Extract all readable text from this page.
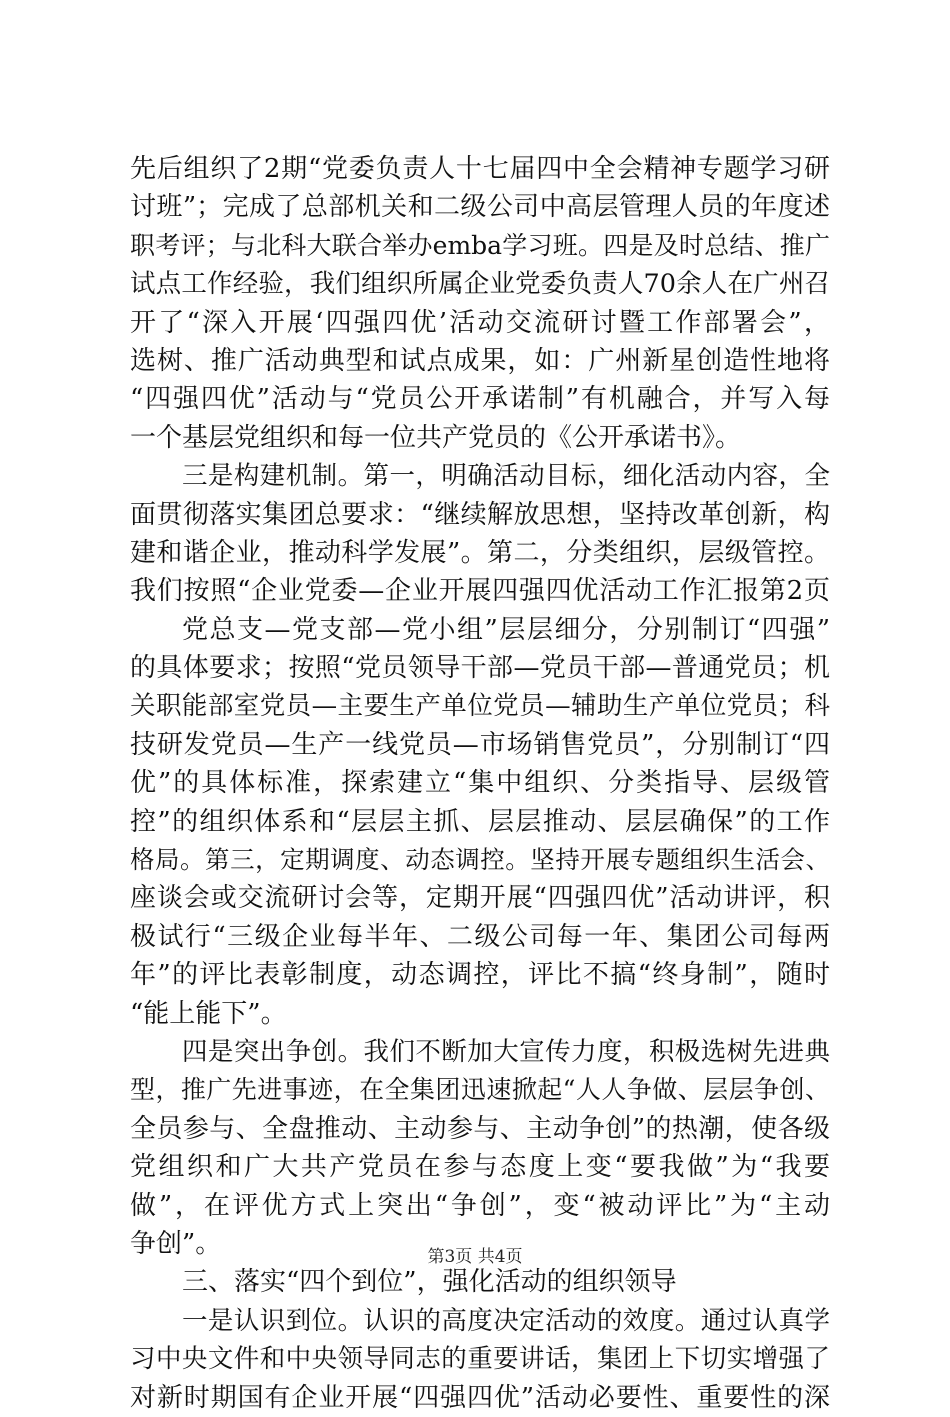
先后组织了2期“党委负责人十七届四中全会精神专题学习研
讨班”；完成了总部机关和二级公司中高层管理人员的年度述
职考评；与北科大联合举办emba学习班。四是及时总结、推广
试点工作经验，我们组织所属企业党委负责人70余人在广州召
开了“深入开展‘四强四优’活动交流研讨暨工作部署会”，
选树、推广活动典型和试点成果，如：广州新星创造性地将
“四强四优”活动与“党员公开承诺制”有机融合，并写入每
一个基层党组织和每一位共产党员的《公开承诺书》。
三是构建机制。第一，明确活动目标，细化活动内容，全
面贯彻落实集团总要求：“继续解放思想，坚持改革创新，构
建和谐企业，推动科学发展”。第二，分类组织，层级管控。
我们按照“企业党委—企业开展四强四优活动工作汇报第2页
党总支—党支部—党小组”层层细分，分别制订“四强”
的具体要求；按照“党员领导干部—党员干部—普通党员；机
关职能部室党员—主要生产单位党员—辅助生产单位党员；科
技研发党员—生产一线党员—市场销售党员”，分别制订“四
优”的具体标准，探索建立“集中组织、分类指导、层级管
控”的组织体系和“层层主抓、层层推动、层层确保”的工作
格局。第三，定期调度、动态调控。坚持开展专题组织生活会、
座谈会或交流研讨会等，定期开展“四强四优”活动讲评，积
极试行“三级企业每半年、二级公司每一年、集团公司每两
年”的评比表彰制度，动态调控，评比不搞“终身制”，随时
“能上能下”。
四是突出争创。我们不断加大宣传力度，积极选树先进典
型，推广先进事迹，在全集团迅速掀起“人人争做、层层争创、
全员参与、全盘推动、主动参与、主动争创”的热潮，使各级
党组织和广大共产党员在参与态度上变“要我做”为“我要
做”，在评优方式上突出“争创”，变“被动评比”为“主动
争创”。
三、落实“四个到位”，强化活动的组织领导
一是认识到位。认识的高度决定活动的效度。通过认真学
习中央文件和中央领导同志的重要讲话，集团上下切实增强了
对新时期国有企业开展“四强四优”活动必要性、重要性的深
第3页 共4页
